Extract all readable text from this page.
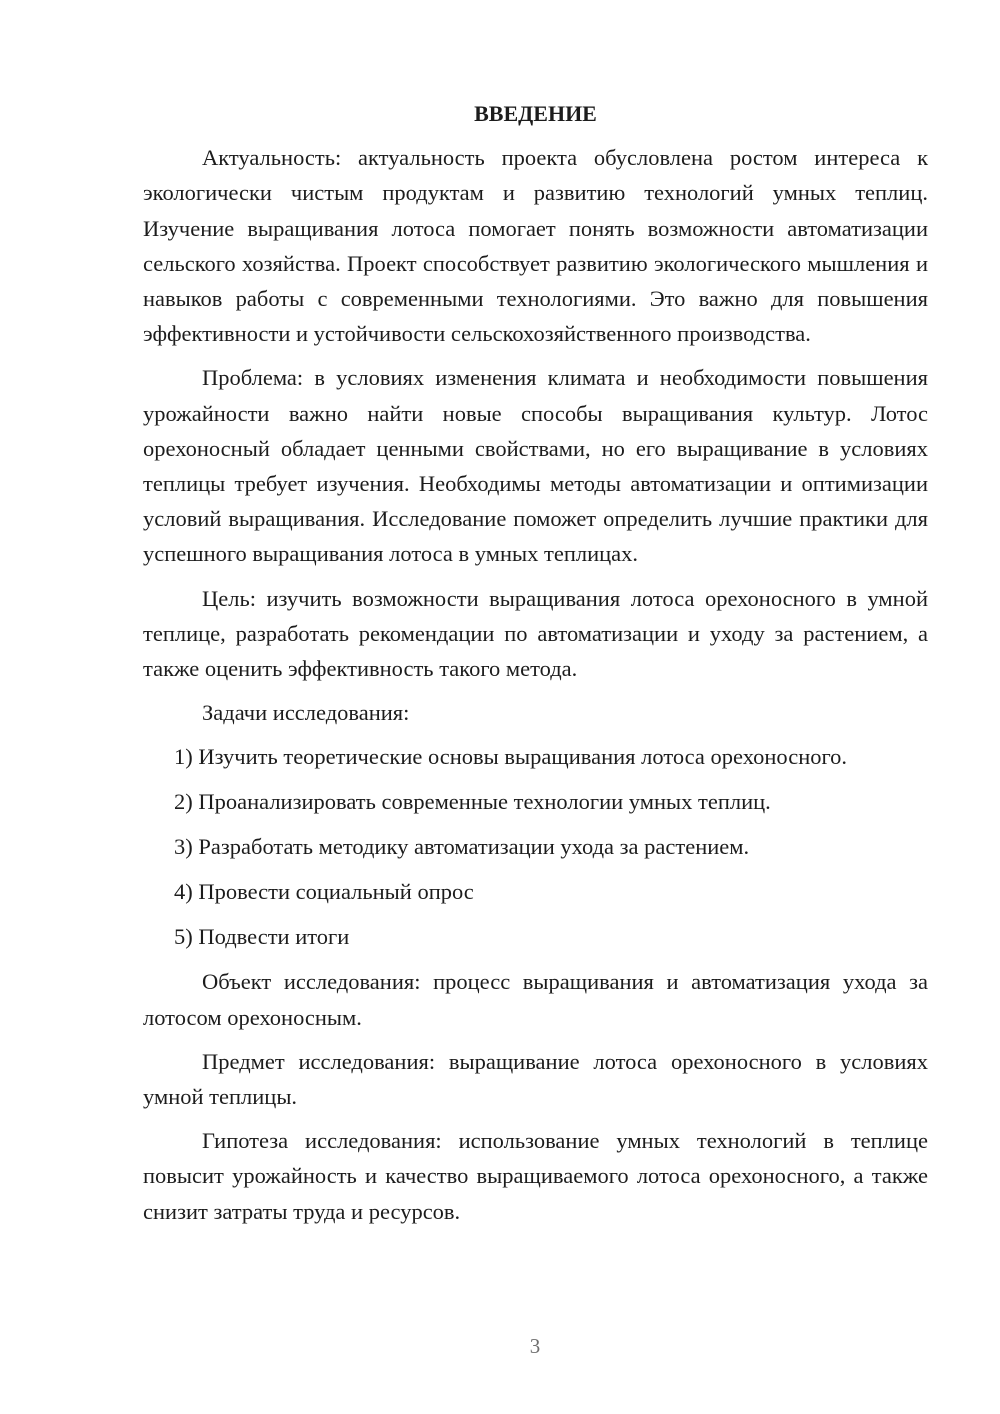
ВВЕДЕНИЕ

Актуальность: актуальность проекта обусловлена ростом интереса к экологически чистым продуктам и развитию технологий умных теплиц. Изучение выращивания лотоса помогает понять возможности автоматизации сельского хозяйства. Проект способствует развитию экологического мышления и навыков работы с современными технологиями. Это важно для повышения эффективности и устойчивости сельскохозяйственного производства.

Проблема: в условиях изменения климата и необходимости повышения урожайности важно найти новые способы выращивания культур. Лотос орехоносный обладает ценными свойствами, но его выращивание в условиях теплицы требует изучения. Необходимы методы автоматизации и оптимизации условий выращивания. Исследование поможет определить лучшие практики для успешного выращивания лотоса в умных теплицах.

Цель: изучить возможности выращивания лотоса орехоносного в умной теплице, разработать рекомендации по автоматизации и уходу за растением, а также оценить эффективность такого метода.

Задачи исследования:

1) Изучить теоретические основы выращивания лотоса орехоносного.
2) Проанализировать современные технологии умных теплиц.
3) Разработать методику автоматизации ухода за растением.
4) Провести социальный опрос
5) Подвести итоги

Объект исследования: процесс выращивания и автоматизация ухода за лотосом орехоносным.

Предмет исследования: выращивание лотоса орехоносного в условиях умной теплицы.

Гипотеза исследования: использование умных технологий в теплице повысит урожайность и качество выращиваемого лотоса орехоносного, а также снизит затраты труда и ресурсов.

3
